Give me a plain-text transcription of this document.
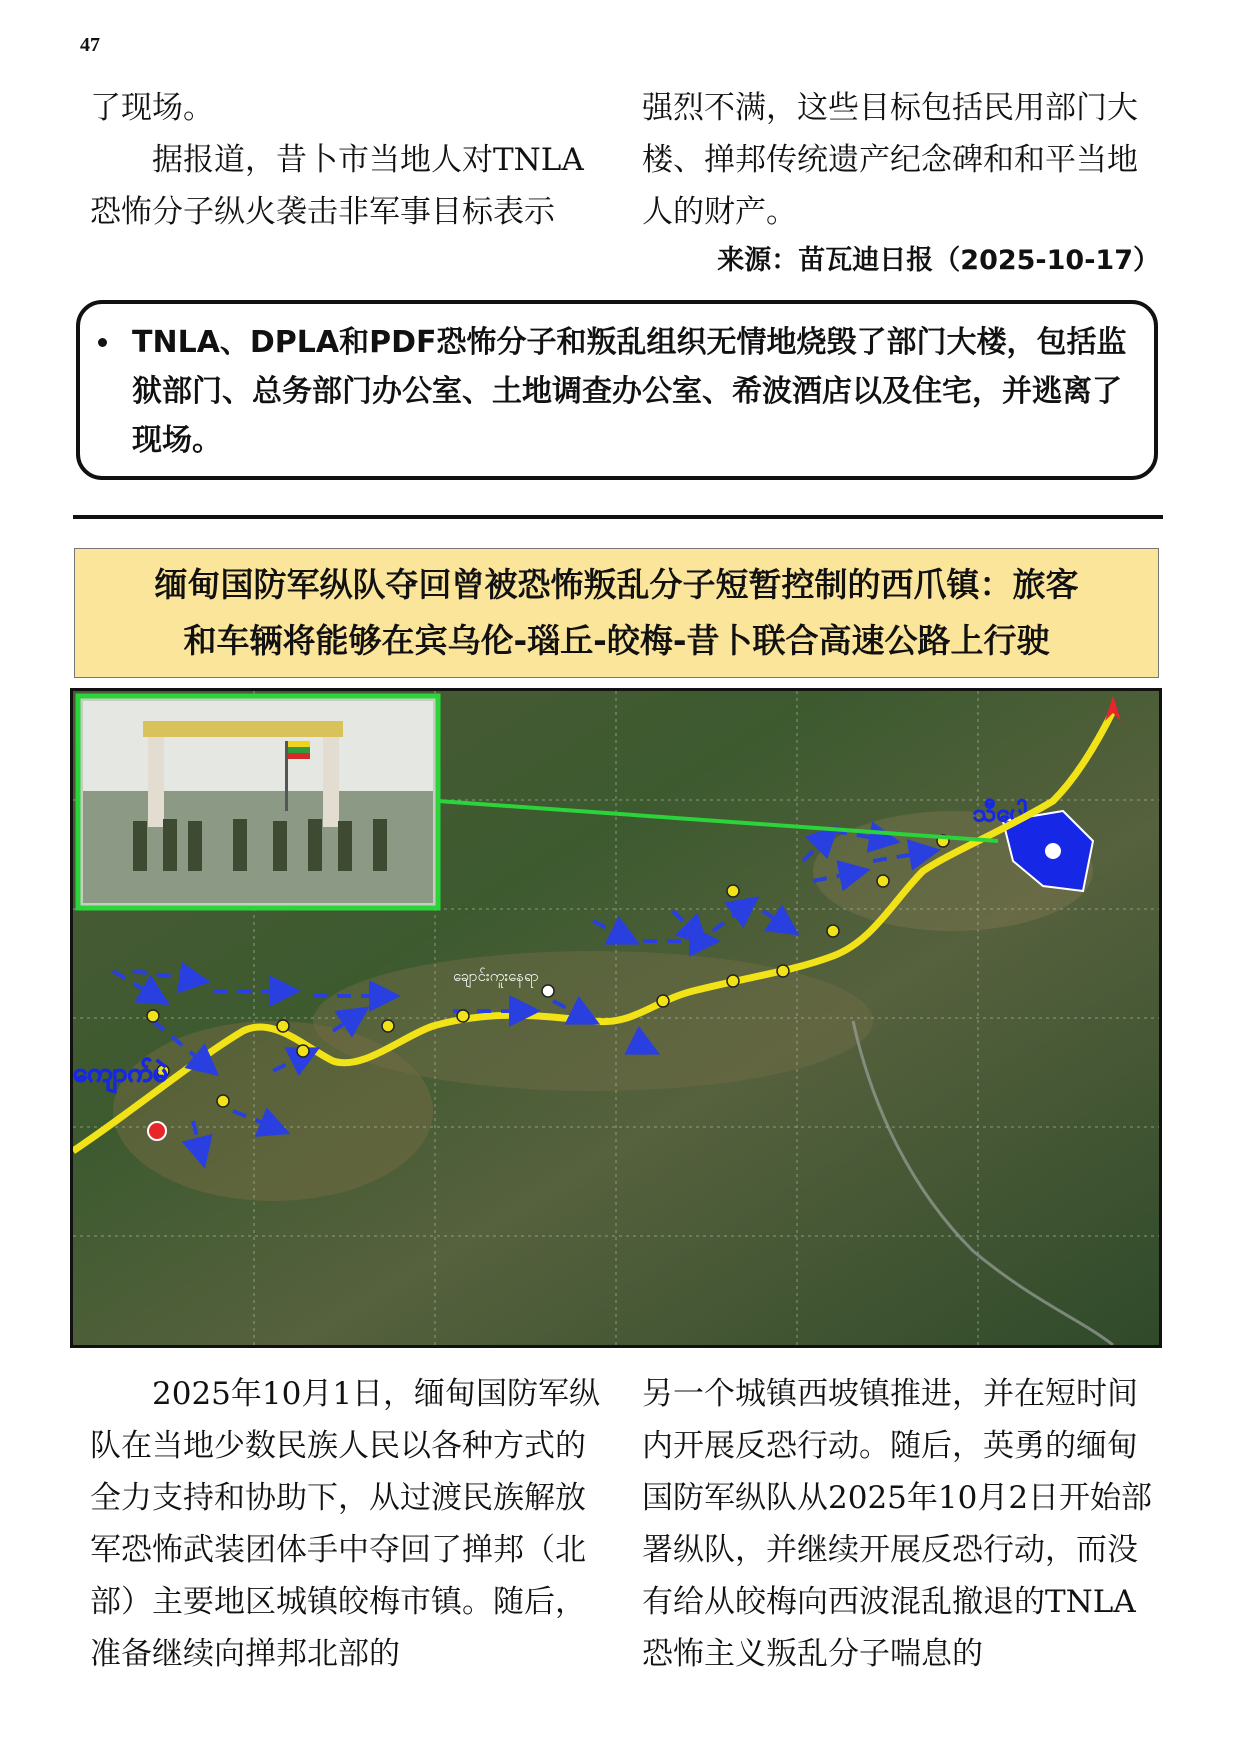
47

了现场。

据报道，昔卜市当地人对TNLA恐怖分子纵火袭击非军事目标表示

强烈不满，这些目标包括民用部门大楼、掸邦传统遗产纪念碑和和平当地人的财产。

来源：苗瓦迪日报（2025-10-17）
TNLA、DPLA和PDF恐怖分子和叛乱组织无情地烧毁了部门大楼，包括监狱部门、总务部门办公室、土地调查办公室、希波酒店以及住宅，并逃离了现场。
缅甸国防军纵队夺回曾被恐怖叛乱分子短暂控制的西爪镇：旅客
和车辆将能够在宾乌伦-瑙丘-皎梅-昔卜联合高速公路上行驶
သီပေါ
ချောင်းကူးနေရာ
ကျောက်မဲ

2025年10月1日，缅甸国防军纵队在当地少数民族人民以各种方式的全力支持和协助下，从过渡民族解放军恐怖武装团体手中夺回了掸邦（北部）主要地区城镇皎梅市镇。随后，准备继续向掸邦北部的

另一个城镇西坡镇推进，并在短时间内开展反恐行动。随后，英勇的缅甸国防军纵队从2025年10月2日开始部署纵队，并继续开展反恐行动，而没有给从皎梅向西波混乱撤退的TNLA恐怖主义叛乱分子喘息的
